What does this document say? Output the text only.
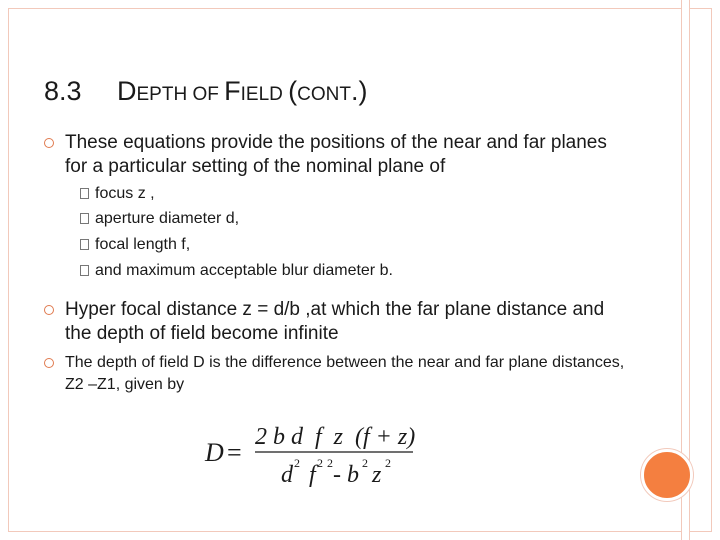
8.3 DEPTH OF FIELD (CONT.)
These equations provide the positions of the near and far planes for a particular setting of the nominal plane of
focus z ,
aperture diameter d,
focal length f,
and maximum acceptable blur diameter b.
Hyper focal distance z = d/b ,at which the far plane distance and the depth of field become infinite
The depth of field D is the difference between the near and far plane distances, Z2 –Z1, given by
D =
2 b d  f  z  (f + z)
d 2 f 2 2 - b 2 z 2
